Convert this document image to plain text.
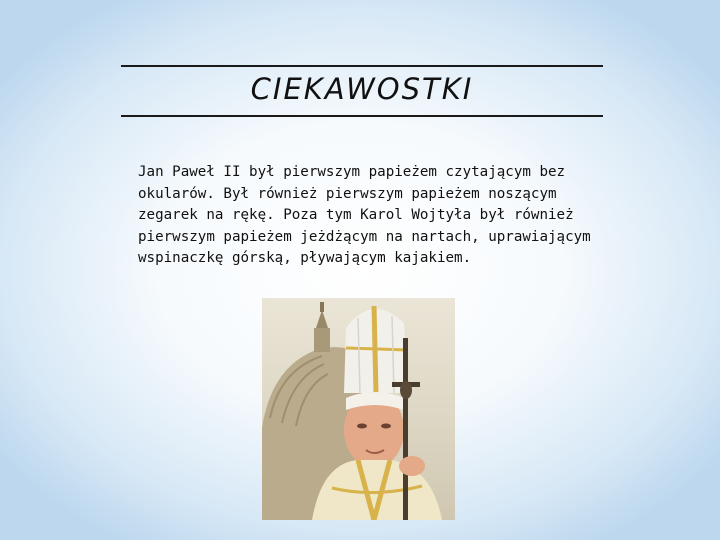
CIEKAWOSTKI
Jan Paweł II był pierwszym papieżem czytającym bez okularów. Był również pierwszym papieżem noszącym zegarek na rękę. Poza tym Karol Wojtyła był również pierwszym papieżem jeżdżącym na nartach, uprawiającym wspinaczkę górską, pływającym kajakiem.
